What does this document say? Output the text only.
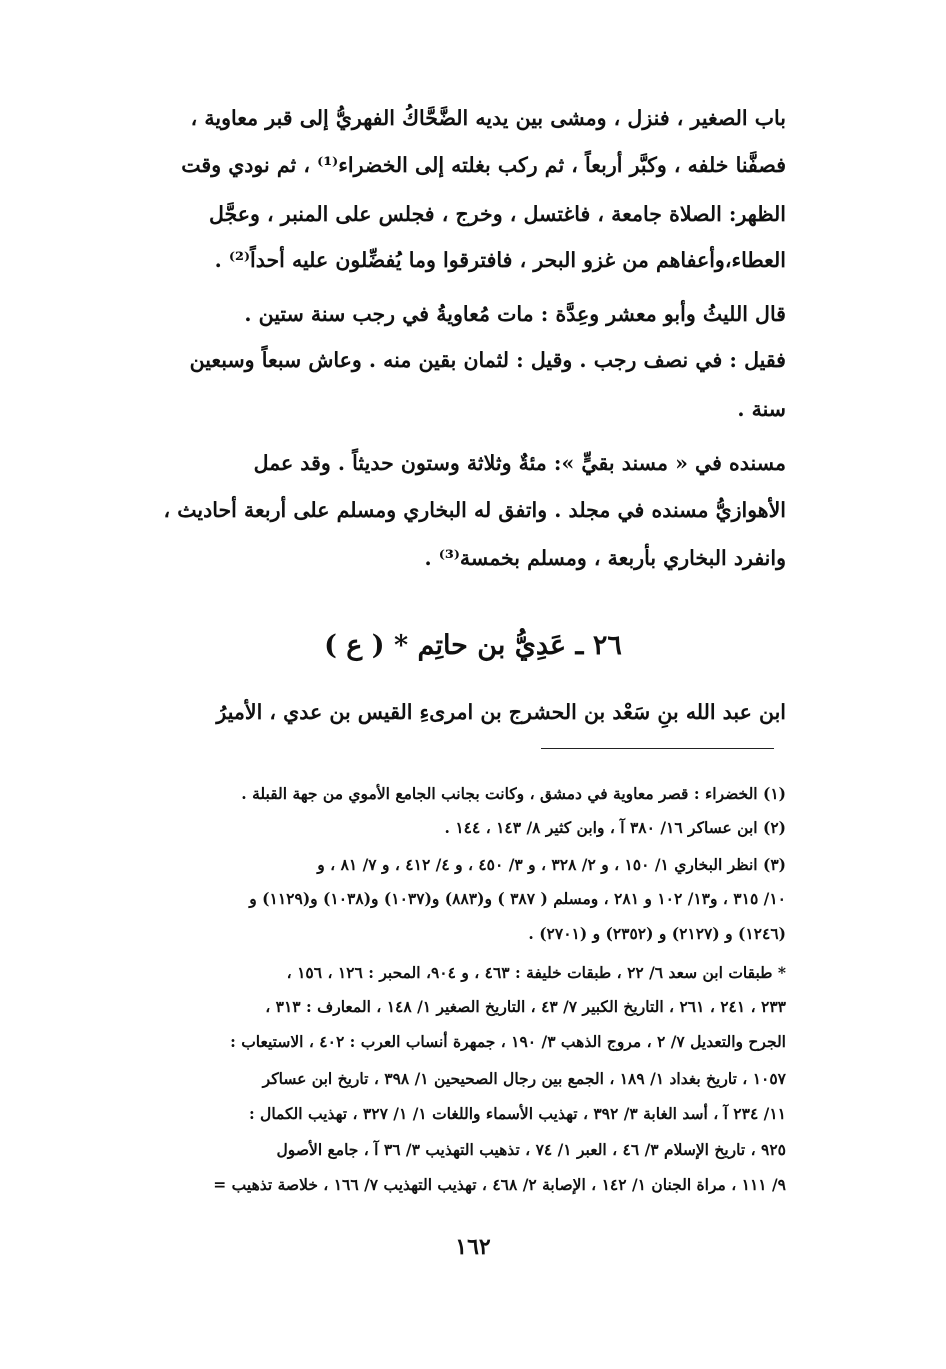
باب الصغير ، فنزل ، ومشى بين يديه الضَّحَّاكُ الفهريُّ إلى قبر معاوية ،
فصفَّنا خلفه ، وكبَّر أربعاً ، ثم ركب بغلته إلى الخضراء⁽¹⁾ ، ثم نودي وقت
الظهر: الصلاة جامعة ، فاغتسل ، وخرج ، فجلس على المنبر ، وعجَّل
العطاء،وأعفاهم من غزو البحر ، فافترقوا وما يُفضِّلون عليه أحداً⁽²⁾ .
قال الليثُ وأبو معشر وعِدَّة : مات مُعاويةُ في رجب سنة ستين .
فقيل : في نصف رجب . وقيل : لثمان بقين منه . وعاش سبعاً وسبعين
سنة .
مسنده في « مسند بقيٍّ »: مئةٌ وثلاثة وستون حديثاً . وقد عمل
الأهوازيُّ مسنده في مجلد . واتفق له البخاري ومسلم على أربعة أحاديث ،
وانفرد البخاري بأربعة ، ومسلم بخمسة⁽³⁾ .
٢٦ ـ عَدِيُّ بن حاتِم * ( ع )
ابن عبد الله بنِ سَعْد بن الحشرج بن امرىءِ القيس بن عدي ، الأميرُ
(١) الخضراء : قصر معاوية في دمشق ، وكانت بجانب الجامع الأموي من جهة القبلة .
(٢) ابن عساكر ١٦/ ٣٨٠ آ ، وابن كثير ٨/ ١٤٣ ، ١٤٤ .
(٣) انظر البخاري ١/ ١٥٠ ، و ٢/ ٣٢٨ ، و ٣/ ٤٥٠ ، و ٤/ ٤١٢ ، و ٧/ ٨١ ، و
١٠/ ٣١٥ ، و١٣/ ١٠٢ و ٢٨١ ، ومسلم ( ٣٨٧ ) و(٨٨٣) و(١٠٣٧) و(١٠٣٨) و(١١٢٩) و
(١٢٤٦) و (٢١٢٧) و (٢٣٥٢) و (٢٧٠١) .
* طبقات ابن سعد ٦/ ٢٢ ، طبقات خليفة : ٤٦٣ ، و ٩٠٤، المحبر : ١٢٦ ، ١٥٦ ،
٢٣٣ ، ٢٤١ ، ٢٦١ ، التاريخ الكبير ٧/ ٤٣ ، التاريخ الصغير ١/ ١٤٨ ، المعارف : ٣١٣ ،
الجرح والتعديل ٧/ ٢ ، مروج الذهب ٣/ ١٩٠ ، جمهرة أنساب العرب : ٤٠٢ ، الاستيعاب :
١٠٥٧ ، تاريخ بغداد ١/ ١٨٩ ، الجمع بين رجال الصحيحين ١/ ٣٩٨ ، تاريخ ابن عساكر
١١/ ٢٣٤ آ ، أسد الغابة ٣/ ٣٩٢ ، تهذيب الأسماء واللغات ١/ ١/ ٣٢٧ ، تهذيب الكمال :
٩٢٥ ، تاريخ الإسلام ٣/ ٤٦ ، العبر ١/ ٧٤ ، تذهيب التهذيب ٣/ ٣٦ آ ، جامع الأصول
٩/ ١١١ ، مراة الجنان ١/ ١٤٢ ، الإصابة ٢/ ٤٦٨ ، تهذيب التهذيب ٧/ ١٦٦ ، خلاصة تذهيب =
١٦٢
